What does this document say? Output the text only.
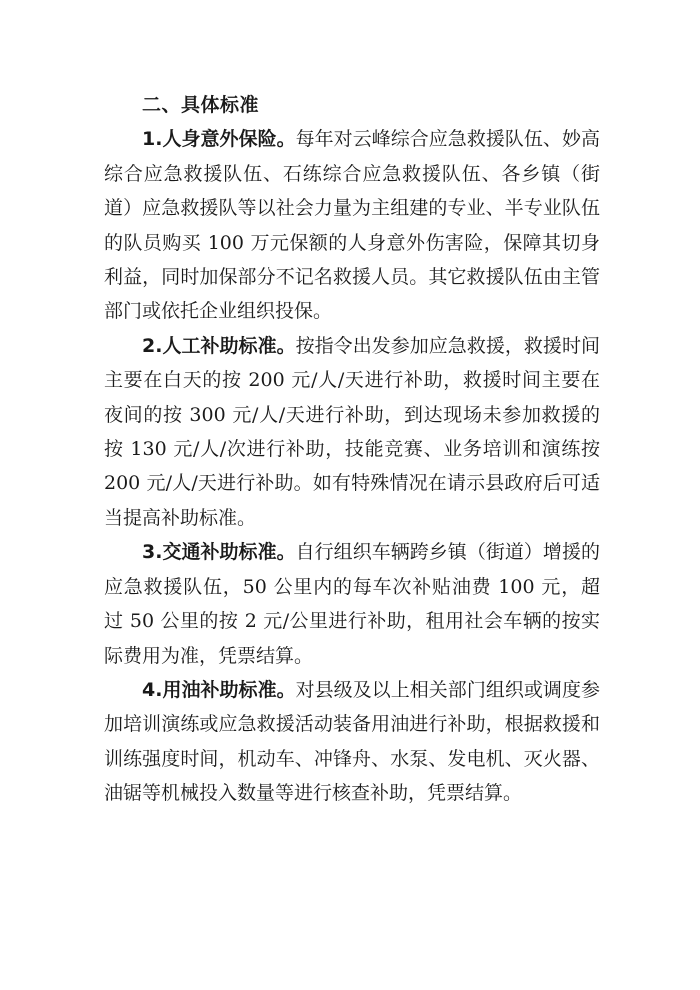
二、具体标准

1.人身意外保险。每年对云峰综合应急救援队伍、妙高综合应急救援队伍、石练综合应急救援队伍、各乡镇（街道）应急救援队等以社会力量为主组建的专业、半专业队伍的队员购买 100 万元保额的人身意外伤害险，保障其切身利益，同时加保部分不记名救援人员。其它救援队伍由主管部门或依托企业组织投保。

2.人工补助标准。按指令出发参加应急救援，救援时间主要在白天的按 200 元/人/天进行补助，救援时间主要在夜间的按 300 元/人/天进行补助，到达现场未参加救援的按 130 元/人/次进行补助，技能竞赛、业务培训和演练按 200 元/人/天进行补助。如有特殊情况在请示县政府后可适当提高补助标准。

3.交通补助标准。自行组织车辆跨乡镇（街道）增援的应急救援队伍，50 公里内的每车次补贴油费 100 元，超过 50 公里的按 2 元/公里进行补助，租用社会车辆的按实际费用为准，凭票结算。

4.用油补助标准。对县级及以上相关部门组织或调度参加培训演练或应急救援活动装备用油进行补助，根据救援和训练强度时间，机动车、冲锋舟、水泵、发电机、灭火器、油锯等机械投入数量等进行核查补助，凭票结算。
